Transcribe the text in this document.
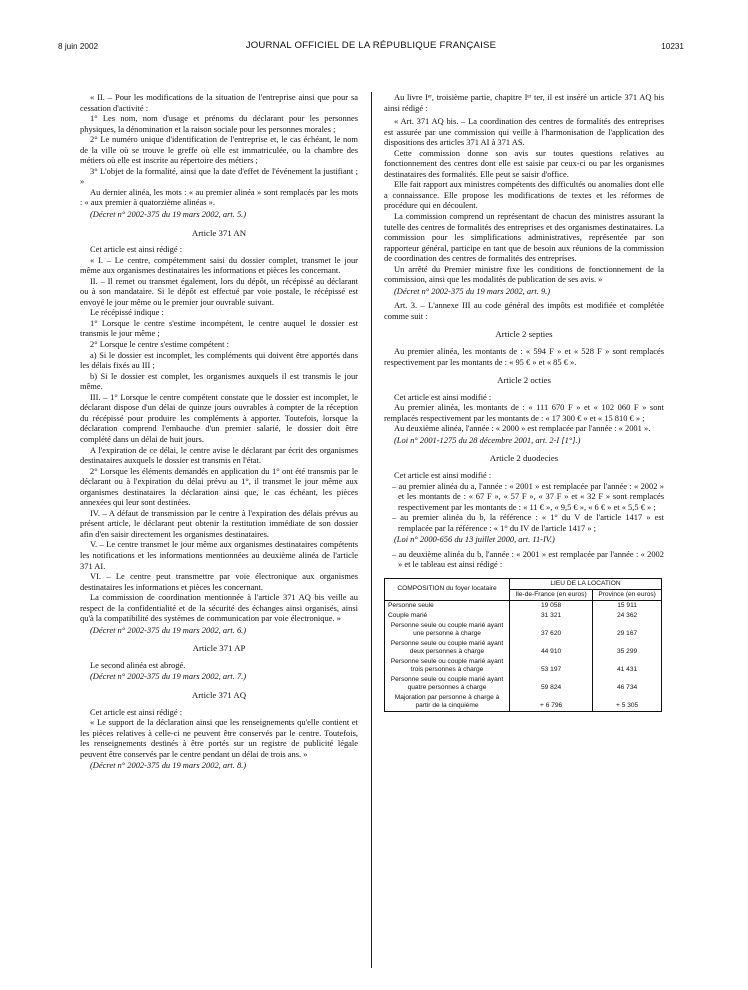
8 juin 2002	JOURNAL OFFICIEL DE LA RÉPUBLIQUE FRANÇAISE	10231

« II. – Pour les modifications de la situation de l'entreprise ainsi que pour sa cessation d'activité :

1° Les nom, nom d'usage et prénoms du déclarant pour les personnes physiques, la dénomination et la raison sociale pour les personnes morales ;

2° Le numéro unique d'identification de l'entreprise et, le cas échéant, le nom de la ville où se trouve le greffe où elle est immatriculée, ou la chambre des métiers où elle est inscrite au répertoire des métiers ;

3° L'objet de la formalité, ainsi que la date d'effet de l'événement la justifiant ; »

Au dernier alinéa, les mots : « au premier alinéa » sont remplacés par les mots : « aux premier à quatorzième alinéas ».

(Décret n° 2002-375 du 19 mars 2002, art. 5.)

Article 371 AN

Cet article est ainsi rédigé :

« I. – Le centre, compétemment saisi du dossier complet, transmet le jour même aux organismes destinataires les informations et pièces les concernant.

II. – Il remet ou transmet également, lors du dépôt, un récépissé au déclarant ou à son mandataire. Si le dépôt est effectué par voie postale, le récépissé est envoyé le jour même ou le premier jour ouvrable suivant.

Le récépissé indique :

1° Lorsque le centre s'estime incompétent, le centre auquel le dossier est transmis le jour même ;

2° Lorsque le centre s'estime compétent :

a) Si le dossier est incomplet, les compléments qui doivent être apportés dans les délais fixés au III ;

b) Si le dossier est complet, les organismes auxquels il est transmis le jour même.

III. – 1° Lorsque le centre compétent constate que le dossier est incomplet, le déclarant dispose d'un délai de quinze jours ouvrables à compter de la réception du récépissé pour produire les compléments à apporter. Toutefois, lorsque la déclaration comprend l'embauche d'un premier salarié, le dossier doit être complété dans un délai de huit jours.

A l'expiration de ce délai, le centre avise le déclarant par écrit des organismes destinataires auxquels le dossier est transmis en l'état.

2° Lorsque les éléments demandés en application du 1° ont été transmis par le déclarant ou à l'expiration du délai prévu au 1°, il transmet le jour même aux organismes destinataires la déclaration ainsi que, le cas échéant, les pièces annexées qui leur sont destinées.

IV. – A défaut de transmission par le centre à l'expiration des délais prévus au présent article, le déclarant peut obtenir la restitution immédiate de son dossier afin d'en saisir directement les organismes destinataires.

V. – Le centre transmet le jour même aux organismes destinataires compétents les notifications et les informations mentionnées au deuxième alinéa de l'article 371 AI.

VI. – Le centre peut transmettre par voie électronique aux organismes destinataires les informations et pièces les concernant.

La commission de coordination mentionnée à l'article 371 AQ bis veille au respect de la confidentialité et de la sécurité des échanges ainsi organisés, ainsi qu'à la compatibilité des systèmes de communication par voie électronique. »

(Décret n° 2002-375 du 19 mars 2002, art. 6.)

Article 371 AP

Le second alinéa est abrogé.

(Décret n° 2002-375 du 19 mars 2002, art. 7.)

Article 371 AQ

Cet article est ainsi rédigé :

« Le support de la déclaration ainsi que les renseignements qu'elle contient et les pièces relatives à celle-ci ne peuvent être conservés par le centre. Toutefois, les renseignements destinés à être portés sur un registre de publicité légale peuvent être conservés par le centre pendant un délai de trois ans. »

(Décret n° 2002-375 du 19 mars 2002, art. 8.)

Au livre Iᵉʳ, troisième partie, chapitre Iᵉʳ ter, il est inséré un article 371 AQ bis ainsi rédigé :

« Art. 371 AQ bis. – La coordination des centres de formalités des entreprises est assurée par une commission qui veille à l'harmonisation de l'application des dispositions des articles 371 AI à 371 AS.

Cette commission donne son avis sur toutes questions relatives au fonctionnement des centres dont elle est saisie par ceux-ci ou par les organismes destinataires des formalités. Elle peut se saisir d'office.

Elle fait rapport aux ministres compétents des difficultés ou anomalies dont elle a connaissance. Elle propose les modifications de textes et les réformes de procédure qui en découlent.

La commission comprend un représentant de chacun des ministres assurant la tutelle des centres de formalités des entreprises et des organismes destinataires. La commission pour les simplifications administratives, représentée par son rapporteur général, participe en tant que de besoin aux réunions de la commission de coordination des centres de formalités des entreprises.

Un arrêté du Premier ministre fixe les conditions de fonctionnement de la commission, ainsi que les modalités de publication de ses avis. »

(Décret n° 2002-375 du 19 mars 2002, art. 9.)

Art. 3. – L'annexe III au code général des impôts est modifiée et complétée comme suit :

Article 2 septies

Au premier alinéa, les montants de : « 594 F » et « 528 F » sont remplacés respectivement par les montants de : « 95 € » et « 85 € ».

Article 2 octies

Cet article est ainsi modifié :

Au premier alinéa, les montants de : « 111 670 F » et « 102 060 F » sont remplacés respectivement par les montants de : « 17 300 € » et « 15 810 € » ;

Au deuxième alinéa, l'année : « 2000 » est remplacée par l'année : « 2001 ».

(Loi n° 2001-1275 du 28 décembre 2001, art. 2-I [1°].)

Article 2 duodecies

Cet article est ainsi modifié :

– au premier alinéa du a, l'année : « 2001 » est remplacée par l'année : « 2002 » et les montants de : « 67 F », « 57 F », « 37 F » et « 32 F » sont remplacés respectivement par les montants de : « 11 € », « 9,5 € », « 6 € » et « 5,5 € » ;

– au premier alinéa du b, la référence : « 1° du V de l'article 1417 » est remplacée par la référence : « 1° du IV de l'article 1417 » ;

(Loi n° 2000-656 du 13 juillet 2000, art. 11-IV.)

– au deuxième alinéa du b, l'année : « 2001 » est remplacée par l'année : « 2002 » et le tableau est ainsi rédigé :

COMPOSITION du foyer locataire	LIEU DE LA LOCATION	
	Ile-de-France (en euros)	Province (en euros)
Personne seule	19 058	15 911
Couple marié	31 321	24 362
Personne seule ou couple marié ayant une personne à charge	37 620	29 167
Personne seule ou couple marié ayant deux personnes à charge	44 910	35 299
Personne seule ou couple marié ayant trois personnes à charge	53 197	41 431
Personne seule ou couple marié ayant quatre personnes à charge	59 824	46 734
Majoration par personne à charge à partir de la cinquième	+ 6 796	+ 5 305
